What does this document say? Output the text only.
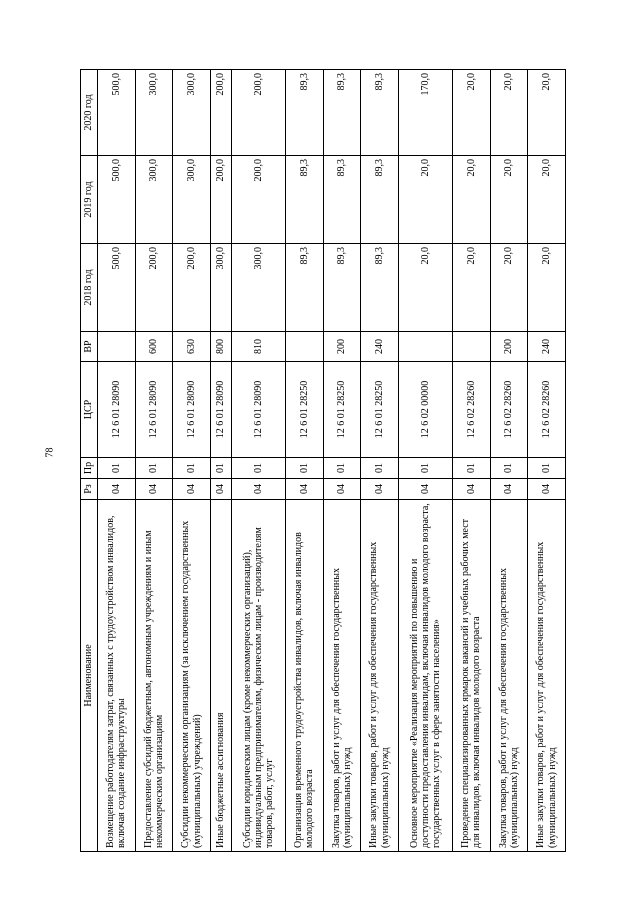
78
Наименование	Рз	Пр	ЦСР	ВР	2018 год	2019 год	2020 год
Возмещение работодателям затрат, связанных с трудоустройством инвалидов, включая создание инфраструктуры	04	01	12 6 01 28090		500,0	500,0	500,0
Предоставление субсидий бюджетным, автономным учреждениям и иным некоммерческим организациям	04	01	12 6 01 28090	600	200,0	300,0	300,0
Субсидии некоммерческим организациям (за исключением государственных (муниципальных) учреждений)	04	01	12 6 01 28090	630	200,0	300,0	300,0
Иные бюджетные ассигнования	04	01	12 6 01 28090	800	300,0	200,0	200,0
Субсидии юридическим лицам (кроме некоммерческих организаций), индивидуальным предпринимателям, физическим лицам - производителям товаров, работ, услуг	04	01	12 6 01 28090	810	300,0	200,0	200,0
Организация временного трудоустройства инвалидов, включая инвалидов молодого возраста	04	01	12 6 01 28250		89,3	89,3	89,3
Закупка товаров, работ и услуг для обеспечения государственных (муниципальных) нужд	04	01	12 6 01 28250	200	89,3	89,3	89,3
Иные закупки товаров, работ и услуг для обеспечения государственных (муниципальных) нужд	04	01	12 6 01 28250	240	89,3	89,3	89,3
Основное мероприятие «Реализация мероприятий по повышению и доступности предоставления инвалидам, включая инвалидов молодого возраста, государственных услуг в сфере занятости населения»	04	01	12 6 02 00000		20,0	20,0	170,0
Проведение специализированных ярмарок вакансий и учебных рабочих мест для инвалидов, включая инвалидов молодого возраста	04	01	12 6 02 28260		20,0	20,0	20,0
Закупка товаров, работ и услуг для обеспечения государственных (муниципальных) нужд	04	01	12 6 02 28260	200	20,0	20,0	20,0
Иные закупки товаров, работ и услуг для обеспечения государственных (муниципальных) нужд	04	01	12 6 02 28260	240	20,0	20,0	20,0
